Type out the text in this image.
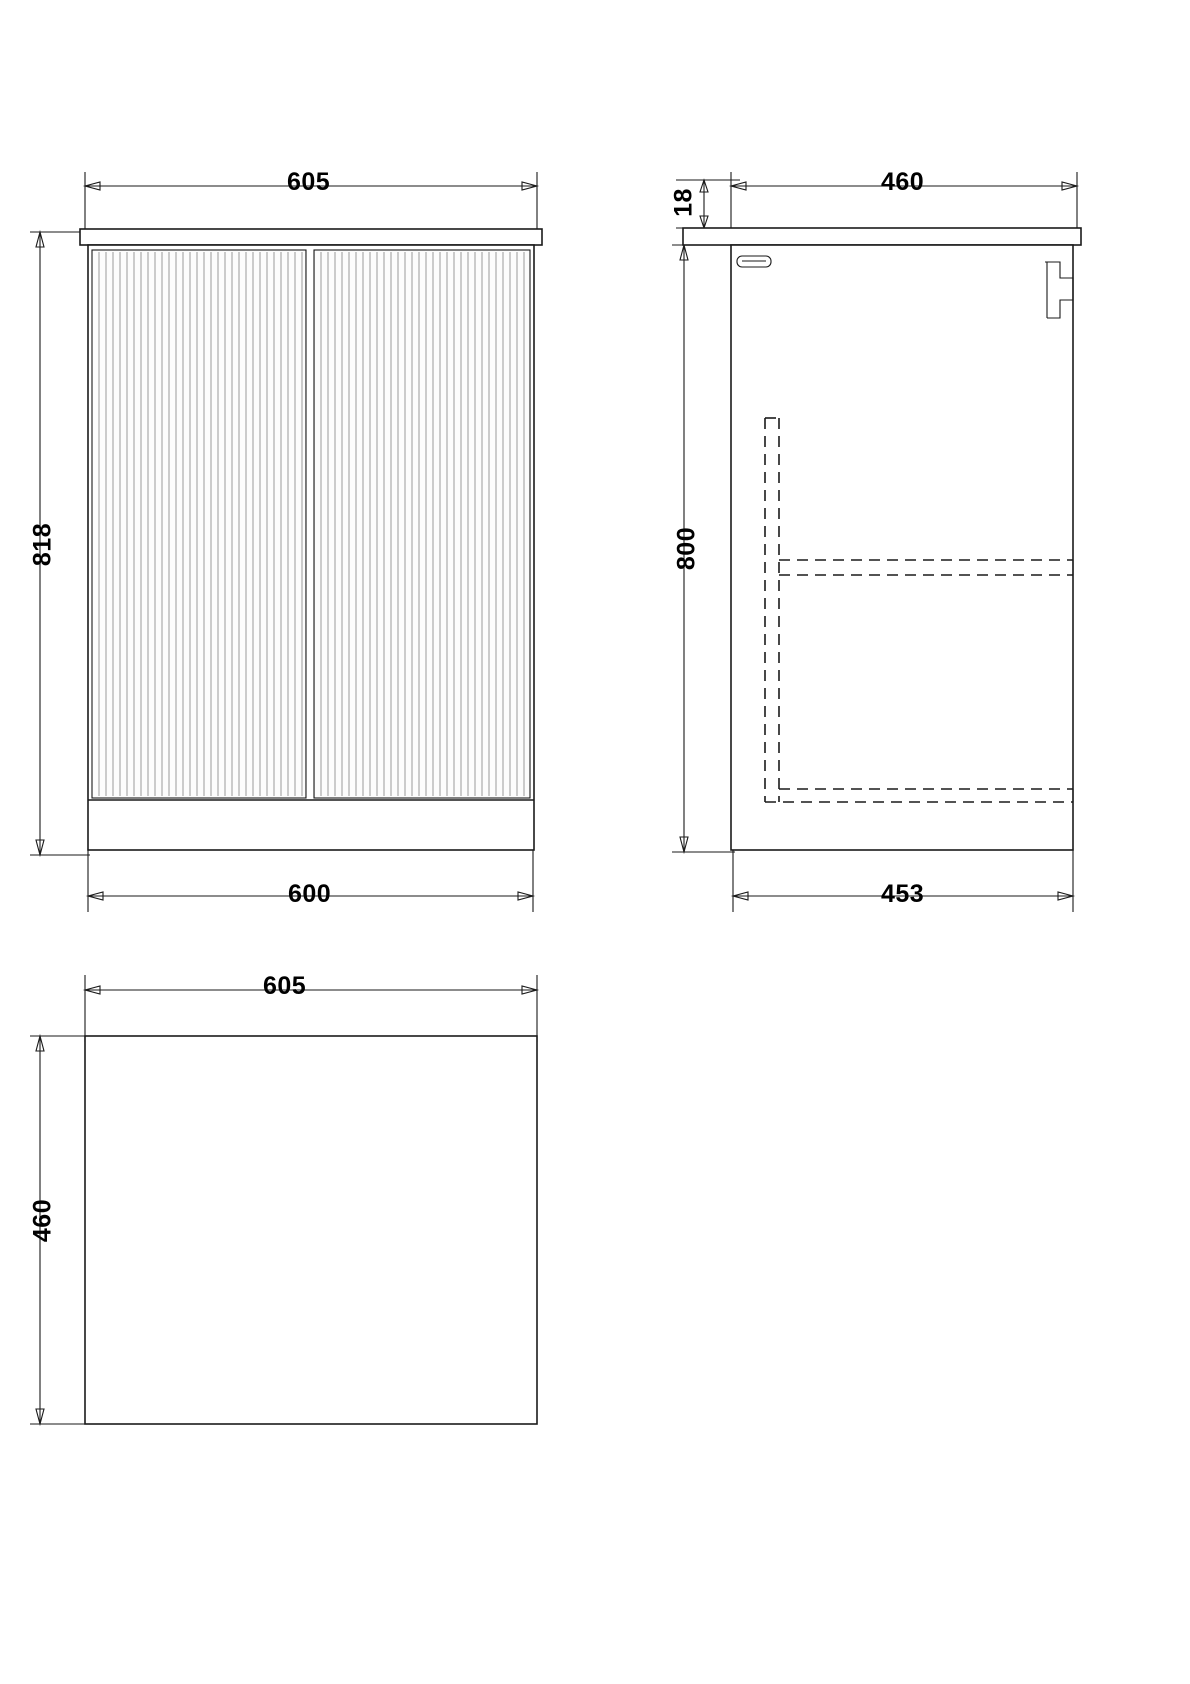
605
818
600
18
460
800
453
605
460
